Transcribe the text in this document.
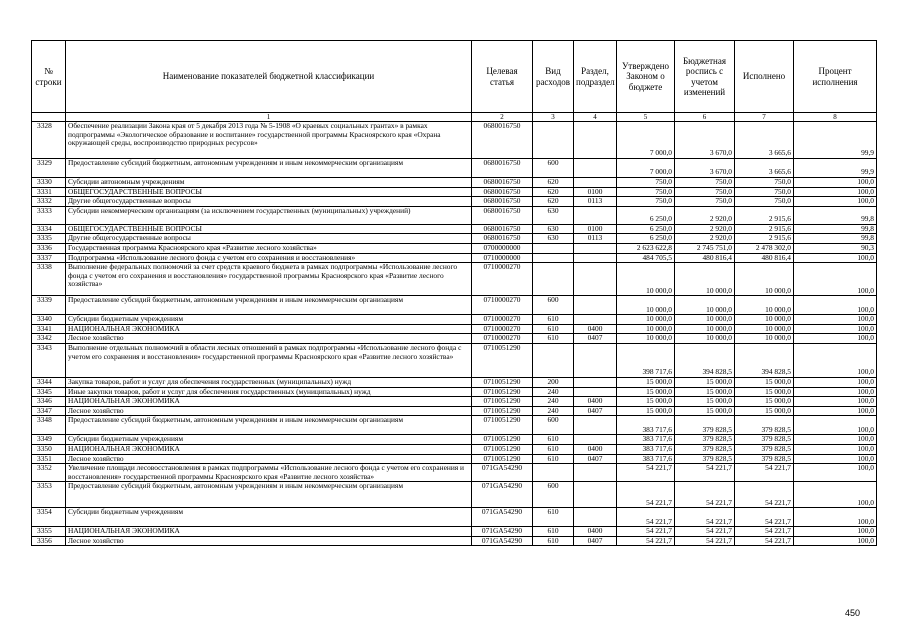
№ строки	Наименование показателей бюджетной классификации	Целевая статья	Вид расходов	Раздел, подраздел	Утверждено Законом о бюджете	Бюджетная роспись с учетом изменений	Исполнено	Процент исполнения
	1	2	3	4	5	6	7	8
3328	Обеспечение реализации Закона края от 5 декабря 2013 года № 5-1908 «О краевых социальных грантах» в рамках подпрограммы «Экологическое образование и воспитание» государственной программы Красноярского края «Охрана окружающей среды, воспроизводство природных ресурсов»	0680016750			7 000,0	3 670,0	3 665,6	99,9
3329	Предоставление субсидий бюджетным, автономным учреждениям и иным некоммерческим организациям	0680016750	600		7 000,0	3 670,0	3 665,6	99,9
3330	Субсидии автономным учреждениям	0680016750	620		750,0	750,0	750,0	100,0
3331	ОБЩЕГОСУДАРСТВЕННЫЕ ВОПРОСЫ	0680016750	620	0100	750,0	750,0	750,0	100,0
3332	Другие общегосударственные вопросы	0680016750	620	0113	750,0	750,0	750,0	100,0
3333	Субсидии некоммерческим организациям (за исключением государственных (муниципальных) учреждений)	0680016750	630		6 250,0	2 920,0	2 915,6	99,8
3334	ОБЩЕГОСУДАРСТВЕННЫЕ ВОПРОСЫ	0680016750	630	0100	6 250,0	2 920,0	2 915,6	99,8
3335	Другие общегосударственные вопросы	0680016750	630	0113	6 250,0	2 920,0	2 915,6	99,8
3336	Государственная программа Красноярского края «Развитие лесного хозяйства»	0700000000			2 623 622,8	2 745 751,0	2 478 302,0	90,3
3337	Подпрограмма «Использование лесного фонда с учетом его сохранения и восстановления»	0710000000			484 705,5	480 816,4	480 816,4	100,0
3338	Выполнение федеральных полномочий за счет средств краевого бюджета в рамках подпрограммы «Использование лесного фонда с учетом его сохранения и восстановления» государственной программы Красноярского края «Развитие лесного хозяйства»	0710000270			10 000,0	10 000,0	10 000,0	100,0
3339	Предоставление субсидий бюджетным, автономным учреждениям и иным некоммерческим организациям	0710000270	600		10 000,0	10 000,0	10 000,0	100,0
3340	Субсидии бюджетным учреждениям	0710000270	610		10 000,0	10 000,0	10 000,0	100,0
3341	НАЦИОНАЛЬНАЯ ЭКОНОМИКА	0710000270	610	0400	10 000,0	10 000,0	10 000,0	100,0
3342	Лесное хозяйство	0710000270	610	0407	10 000,0	10 000,0	10 000,0	100,0
3343	Выполнение отдельных полномочий в области лесных отношений в рамках подпрограммы «Использование лесного фонда с учетом его сохранения и восстановления» государственной программы Красноярского края «Развитие лесного хозяйства»	0710051290			398 717,6	394 828,5	394 828,5	100,0
3344	Закупка товаров, работ и услуг для обеспечения государственных (муниципальных) нужд	0710051290	200		15 000,0	15 000,0	15 000,0	100,0
3345	Иные закупки товаров, работ и услуг для обеспечения государственных (муниципальных) нужд	0710051290	240		15 000,0	15 000,0	15 000,0	100,0
3346	НАЦИОНАЛЬНАЯ ЭКОНОМИКА	0710051290	240	0400	15 000,0	15 000,0	15 000,0	100,0
3347	Лесное хозяйство	0710051290	240	0407	15 000,0	15 000,0	15 000,0	100,0
3348	Предоставление субсидий бюджетным, автономным учреждениям и иным некоммерческим организациям	0710051290	600		383 717,6	379 828,5	379 828,5	100,0
3349	Субсидии бюджетным учреждениям	0710051290	610		383 717,6	379 828,5	379 828,5	100,0
3350	НАЦИОНАЛЬНАЯ ЭКОНОМИКА	0710051290	610	0400	383 717,6	379 828,5	379 828,5	100,0
3351	Лесное хозяйство	0710051290	610	0407	383 717,6	379 828,5	379 828,5	100,0
3352	Увеличение площади лесовосстановления в рамках подпрограммы «Использование лесного фонда с учетом его сохранения и восстановления» государственной программы Красноярского края «Развитие лесного хозяйства»	071GA54290			54 221,7	54 221,7	54 221,7	100,0
3353	Предоставление субсидий бюджетным, автономным учреждениям и иным некоммерческим организациям	071GA54290	600		54 221,7	54 221,7	54 221,7	100,0
3354	Субсидии бюджетным учреждениям	071GA54290	610		54 221,7	54 221,7	54 221,7	100,0
3355	НАЦИОНАЛЬНАЯ ЭКОНОМИКА	071GA54290	610	0400	54 221,7	54 221,7	54 221,7	100,0
3356	Лесное хозяйство	071GA54290	610	0407	54 221,7	54 221,7	54 221,7	100,0
450
